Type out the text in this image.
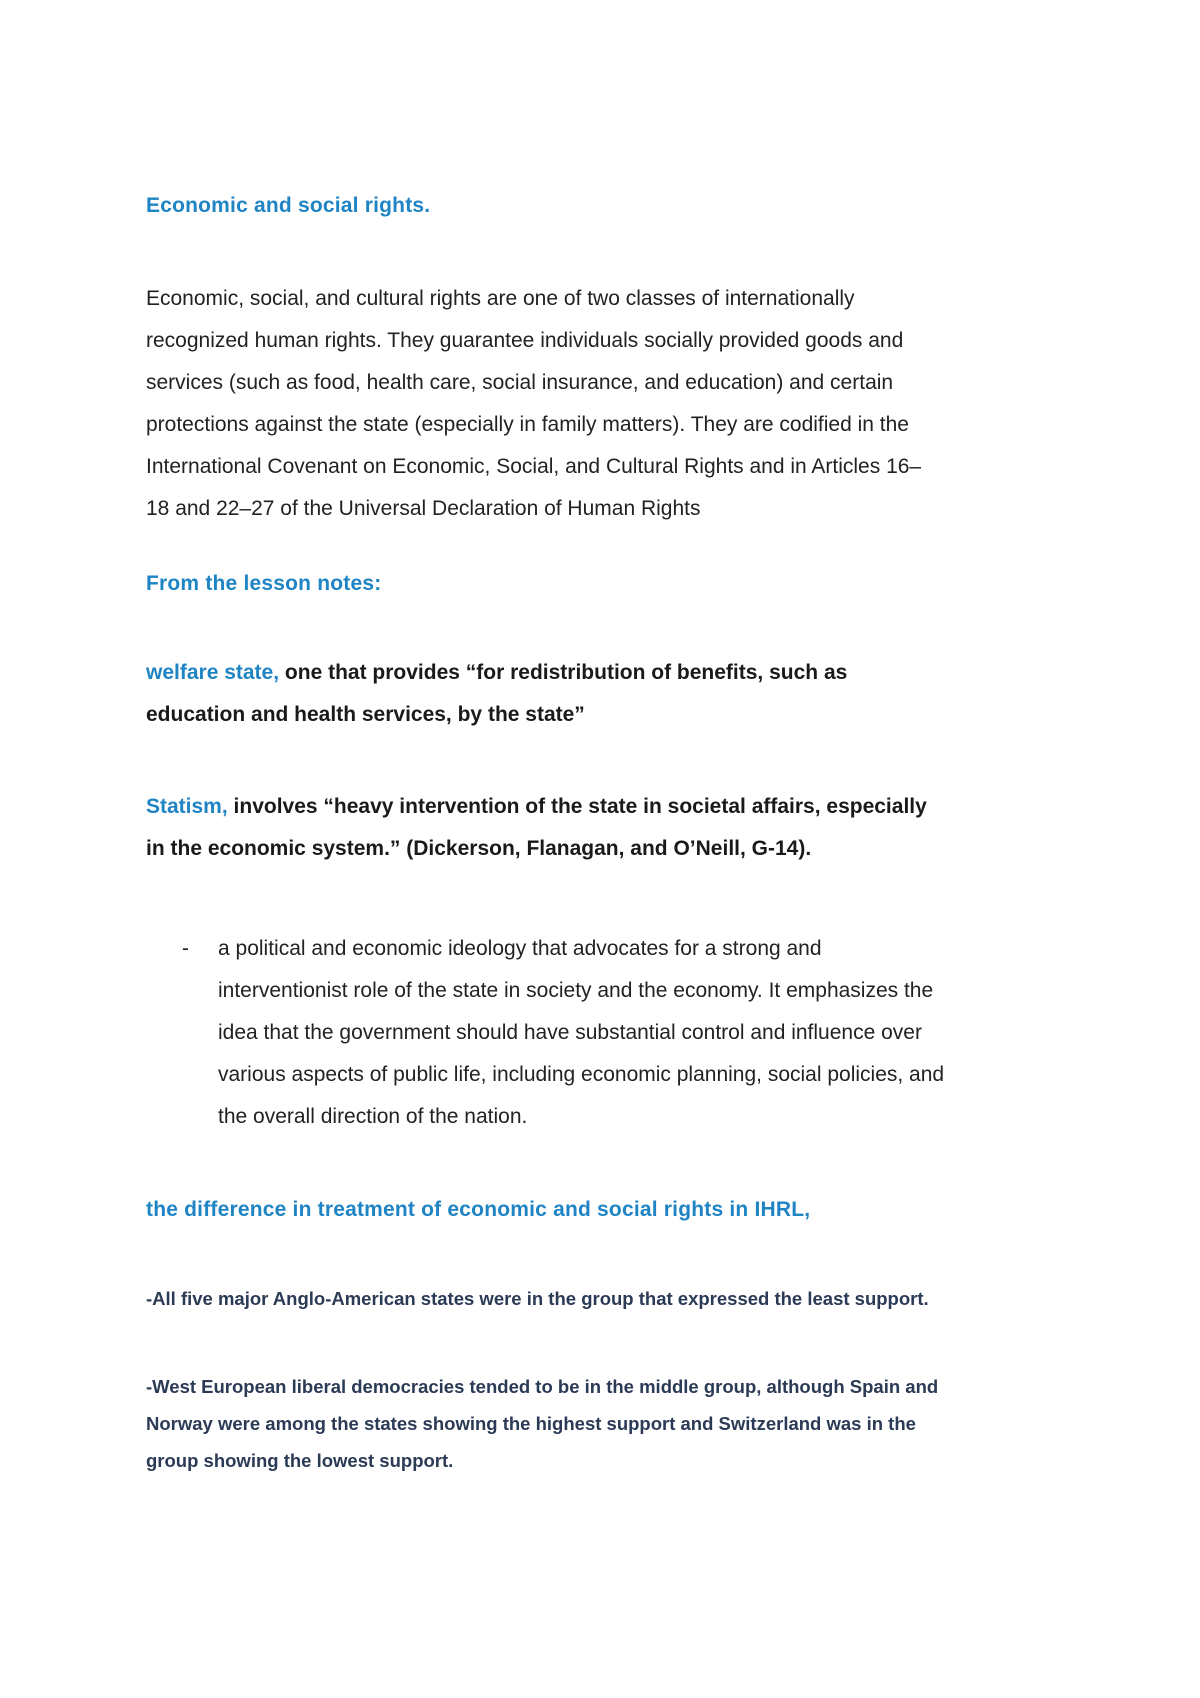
Economic and social rights.
Economic, social, and cultural rights are one of two classes of internationally
recognized human rights. They guarantee individuals socially provided goods and
services (such as food, health care, social insurance, and education) and certain
protections against the state (especially in family matters). They are codified in the
International Covenant on Economic, Social, and Cultural Rights and in Articles 16–
18 and 22–27 of the Universal Declaration of Human Rights
From the lesson notes:
welfare state, one that provides “for redistribution of benefits, such as
education and health services, by the state”
Statism, involves “heavy intervention of the state in societal affairs, especially
in the economic system.” (Dickerson, Flanagan, and O’Neill, G-14).
- a political and economic ideology that advocates for a strong and
interventionist role of the state in society and the economy. It emphasizes the
idea that the government should have substantial control and influence over
various aspects of public life, including economic planning, social policies, and
the overall direction of the nation.
the difference in treatment of economic and social rights in IHRL,
-All five major Anglo-American states were in the group that expressed the least support.
-West European liberal democracies tended to be in the middle group, although Spain and
Norway were among the states showing the highest support and Switzerland was in the
group showing the lowest support.
